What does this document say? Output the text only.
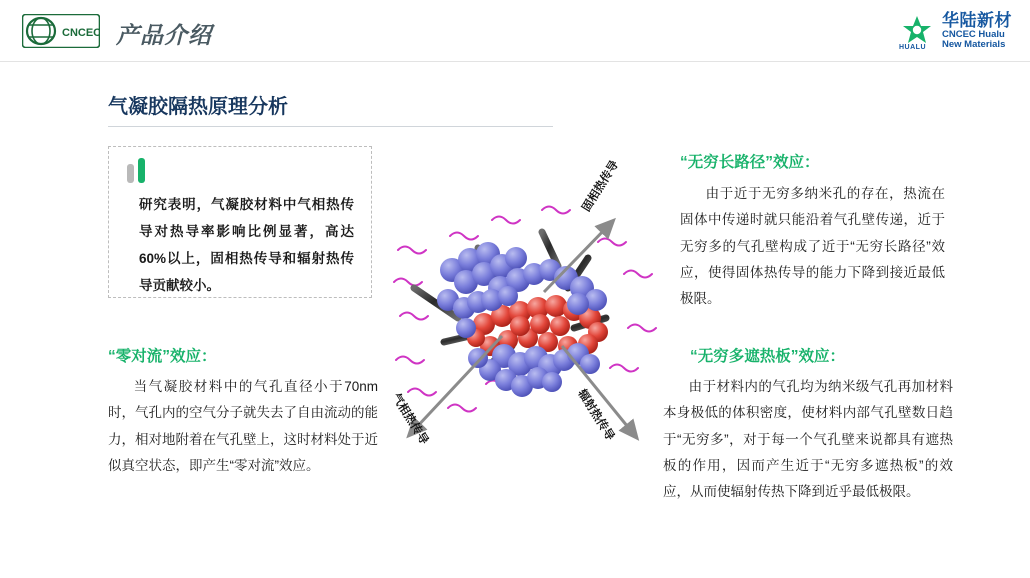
CNCEC 产品介绍	HUALU
华陆新材
CNCEC Hualu
New Materials
气凝胶隔热原理分析
研究表明，气凝胶材料中气相热传导对热导率影响比例显著，高达60%以上，固相热传导和辐射热传导贡献较小。
“零对流”效应：
当气凝胶材料中的气孔直径小于70nm时，气孔内的空气分子就失去了自由流动的能力，相对地附着在气孔壁上，这时材料处于近似真空状态，即产生“零对流”效应。
“无穷长路径”效应：
由于近于无穷多纳米孔的存在，热流在固体中传递时就只能沿着气孔壁传递，近于无穷多的气孔壁构成了近于“无穷长路径”效应，使得固体热传导的能力下降到接近最低极限。
“无穷多遮热板”效应：
由于材料内的气孔均为纳米级气孔再加材料本身极低的体积密度，使材料内部气孔壁数日趋于“无穷多”，对于每一个气孔壁来说都具有遮热板的作用，因而产生近于“无穷多遮热板”的效应，从而使辐射传热下降到近乎最低极限。
固相热传导
气相热传导	辐射热传导
